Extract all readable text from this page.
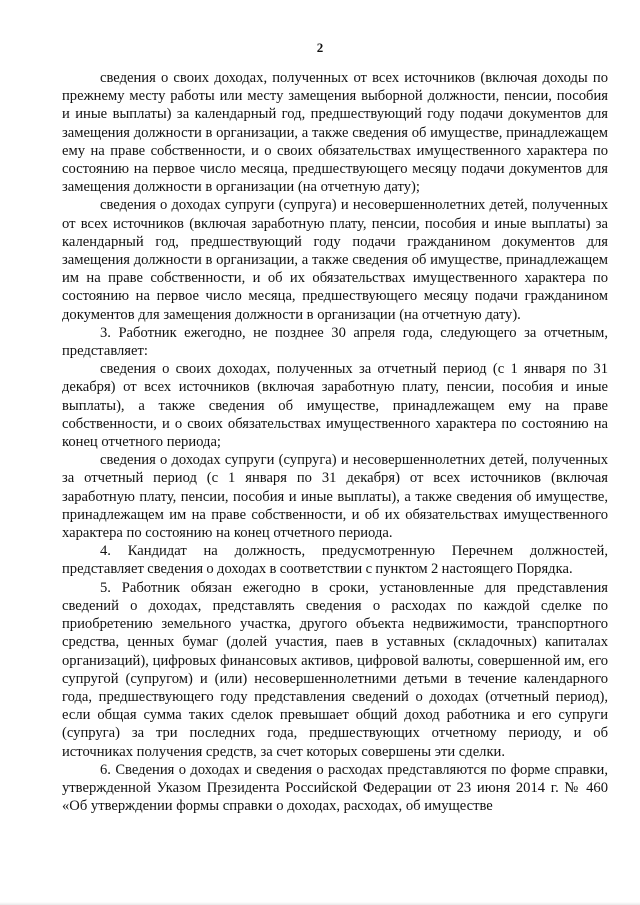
2

сведения о своих доходах, полученных от всех источников (включая доходы по прежнему месту работы или месту замещения выборной должности, пенсии, пособия и иные выплаты) за календарный год, предшествующий году подачи документов для замещения должности в организации, а также сведения об имуществе, принадлежащем ему на праве собственности, и о своих обязательствах имущественного характера по состоянию на первое число месяца, предшествующего месяцу подачи документов для замещения должности в организации (на отчетную дату);

сведения о доходах супруги (супруга) и несовершеннолетних детей, полученных от всех источников (включая заработную плату, пенсии, пособия и иные выплаты) за календарный год, предшествующий году подачи гражданином документов для замещения должности в организации, а также сведения об имуществе, принадлежащем им на праве собственности, и об их обязательствах имущественного характера по состоянию на первое число месяца, предшествующего месяцу подачи гражданином документов для замещения должности в организации (на отчетную дату).

3. Работник ежегодно, не позднее 30 апреля года, следующего за отчетным, представляет:

сведения о своих доходах, полученных за отчетный период (с 1 января по 31 декабря) от всех источников (включая заработную плату, пенсии, пособия и иные выплаты), а также сведения об имуществе, принадлежащем ему на праве собственности, и о своих обязательствах имущественного характера по состоянию на конец отчетного периода;

сведения о доходах супруги (супруга) и несовершеннолетних детей, полученных за отчетный период (с 1 января по 31 декабря) от всех источников (включая заработную плату, пенсии, пособия и иные выплаты), а также сведения об имуществе, принадлежащем им на праве собственности, и об их обязательствах имущественного характера по состоянию на конец отчетного периода.

4. Кандидат на должность, предусмотренную Перечнем должностей, представляет сведения о доходах в соответствии с пунктом 2 настоящего Порядка.

5. Работник обязан ежегодно в сроки, установленные для представления сведений о доходах, представлять сведения о расходах по каждой сделке по приобретению земельного участка, другого объекта недвижимости, транспортного средства, ценных бумаг (долей участия, паев в уставных (складочных) капиталах организаций), цифровых финансовых активов, цифровой валюты, совершенной им, его супругой (супругом) и (или) несовершеннолетними детьми в течение календарного года, предшествующего году представления сведений о доходах (отчетный период), если общая сумма таких сделок превышает общий доход работника и его супруги (супруга) за три последних года, предшествующих отчетному периоду, и об источниках получения средств, за счет которых совершены эти сделки.

6. Сведения о доходах и сведения о расходах представляются по форме справки, утвержденной Указом Президента Российской Федерации от 23 июня 2014 г. № 460 «Об утверждении формы справки о доходах, расходах, об имуществе
